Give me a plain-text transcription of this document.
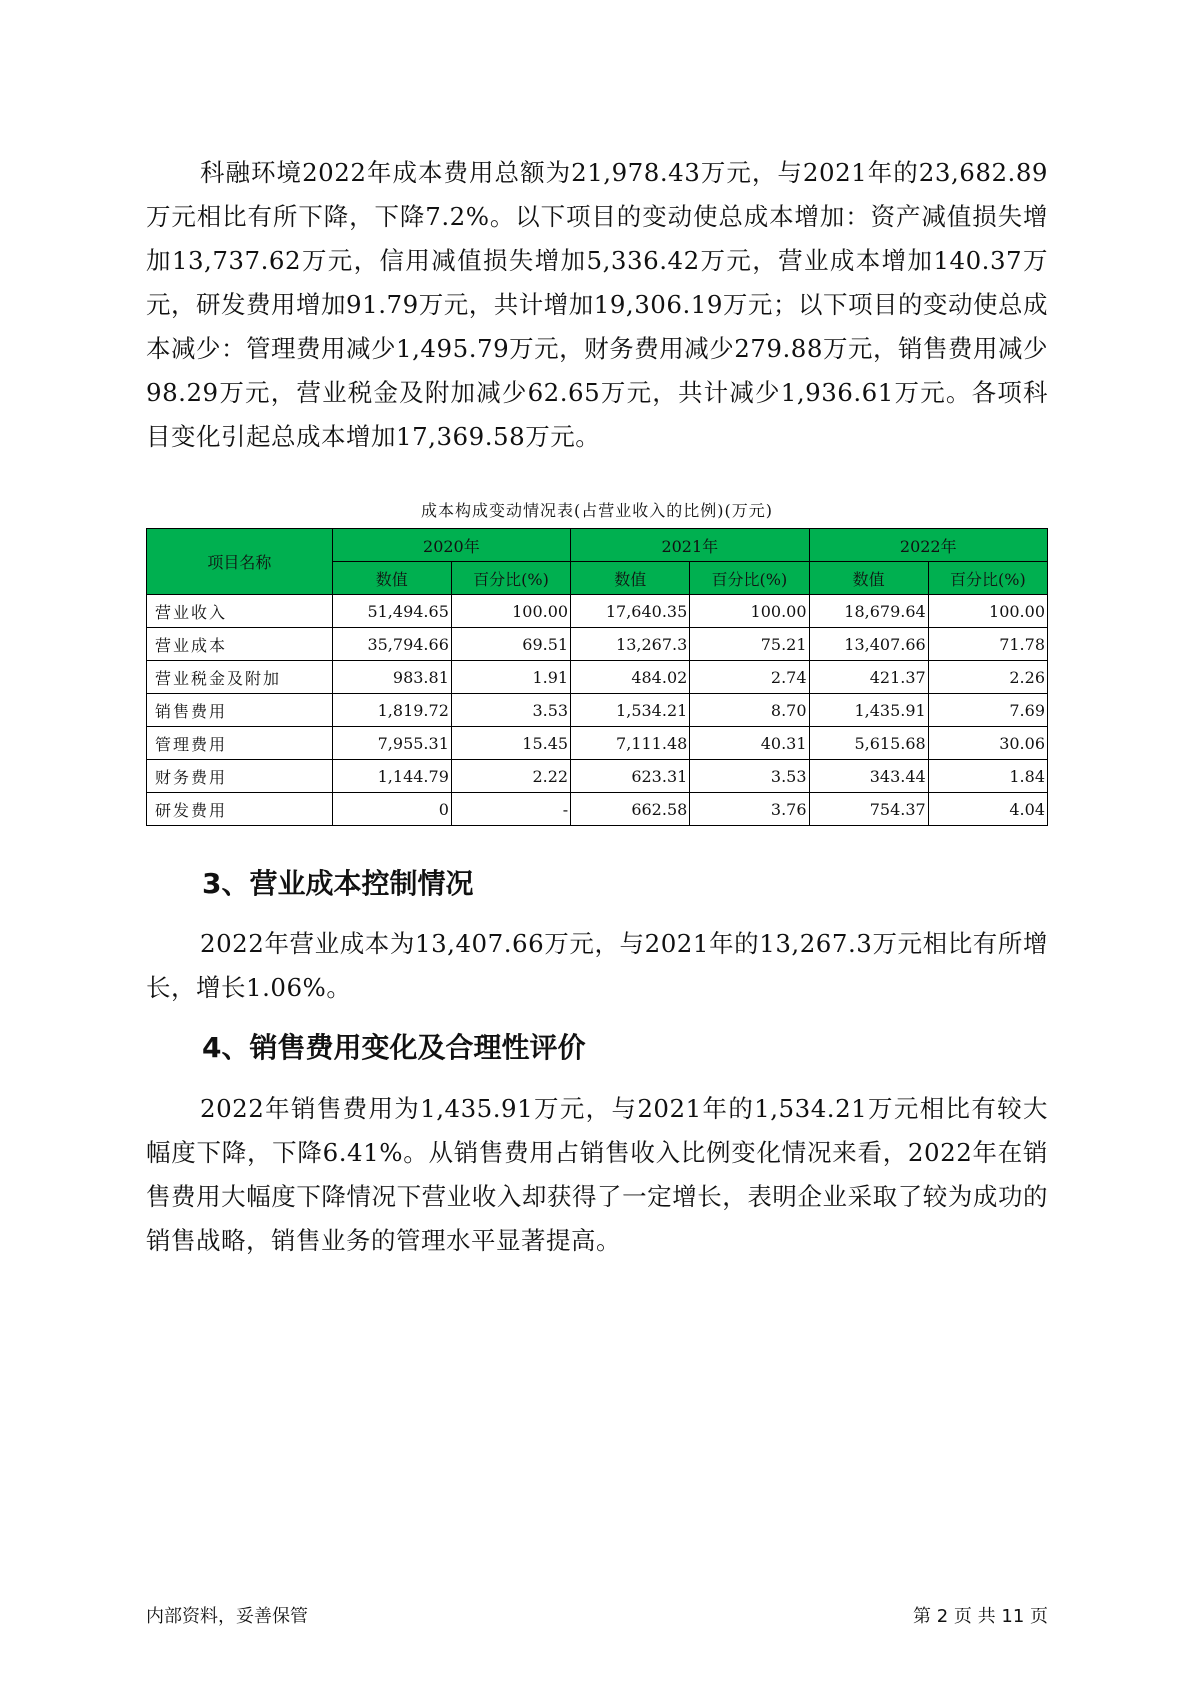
科融环境2022年成本费用总额为21,978.43万元，与2021年的23,682.89万元相比有所下降，下降7.2%。以下项目的变动使总成本增加：资产减值损失增加13,737.62万元，信用减值损失增加5,336.42万元，营业成本增加140.37万元，研发费用增加91.79万元，共计增加19,306.19万元；以下项目的变动使总成本减少：管理费用减少1,495.79万元，财务费用减少279.88万元，销售费用减少98.29万元，营业税金及附加减少62.65万元，共计减少1,936.61万元。各项科目变化引起总成本增加17,369.58万元。

成本构成变动情况表(占营业收入的比例)(万元)
项目名称	2020年		2021年		2022年	
	数值	百分比(%)	数值	百分比(%)	数值	百分比(%)
营业收入	51,494.65	100.00	17,640.35	100.00	18,679.64	100.00
营业成本	35,794.66	69.51	13,267.3	75.21	13,407.66	71.78
营业税金及附加	983.81	1.91	484.02	2.74	421.37	2.26
销售费用	1,819.72	3.53	1,534.21	8.70	1,435.91	7.69
管理费用	7,955.31	15.45	7,111.48	40.31	5,615.68	30.06
财务费用	1,144.79	2.22	623.31	3.53	343.44	1.84
研发费用	0	-	662.58	3.76	754.37	4.04
3、营业成本控制情况

2022年营业成本为13,407.66万元，与2021年的13,267.3万元相比有所增长，增长1.06%。

4、销售费用变化及合理性评价

2022年销售费用为1,435.91万元，与2021年的1,534.21万元相比有较大幅度下降，下降6.41%。从销售费用占销售收入比例变化情况来看，2022年在销售费用大幅度下降情况下营业收入却获得了一定增长，表明企业采取了较为成功的销售战略，销售业务的管理水平显著提高。

内部资料，妥善保管	第 2 页 共 11 页
